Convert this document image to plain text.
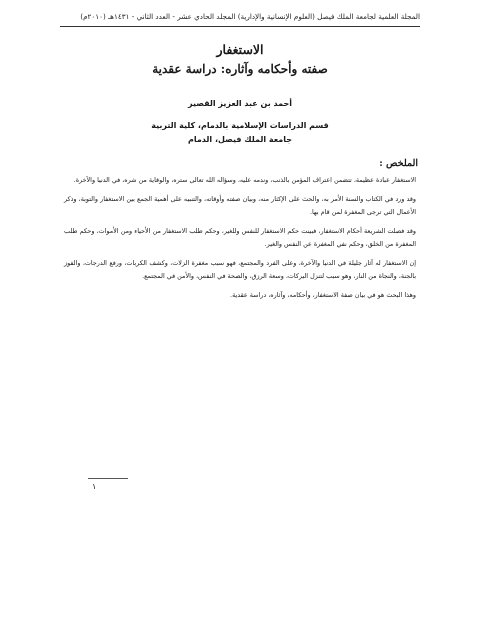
المجلة العلمية لجامعة الملك فيصل (العلوم الإنسانية والإدارية) المجلد الحادي عشر - العدد الثاني - ١٤٣١هـ (٢٠١٠م)
الاستغفار
صفته وأحكامه وآثاره: دراسة عقدية
أحمد بن عبد العزيز القصير
قسم الدراسات الإسلامية بالدمام، كلية التربية
جامعة الملك فيصل، الدمام
الملخص :

الاستغفار عبادة عظيمة، تتضمن اعتراف المؤمن بالذنب، وندمه عليه، وسؤاله الله تعالى ستره، والوقاية من شره، في الدنيا والآخرة.

وقد ورد في الكتاب والسنة الأمر به، والحث على الإكثار منه، وبيان صفته وأوقاته، والتنبيه على أهمية الجمع بين الاستغفار والتوبة، وذكر الأعمال التي ترجى المغفرة لمن قام بها.

وقد فصلت الشريعة أحكام الاستغفار، فبينت حكم الاستغفار للنفس وللغير، وحكم طلب الاستغفار من الأحياء ومن الأموات، وحكم طلب المغفرة من الخلق، وحكم نفي المغفرة عن النفس والغير.

إن الاستغفار له آثار جليلة في الدنيا والآخرة، وعلى الفرد والمجتمع، فهو سبب مغفرة الزلات، وكشف الكربات، ورفع الدرجات، والفوز بالجنة، والنجاة من النار، وهو سبب لتنزل البركات، وسعة الرزق، والصحة في النفس، والأمن في المجتمع.

وهذا البحث هو في بيان صفة الاستغفار، وأحكامه، وآثاره، دراسة عقدية.

١
